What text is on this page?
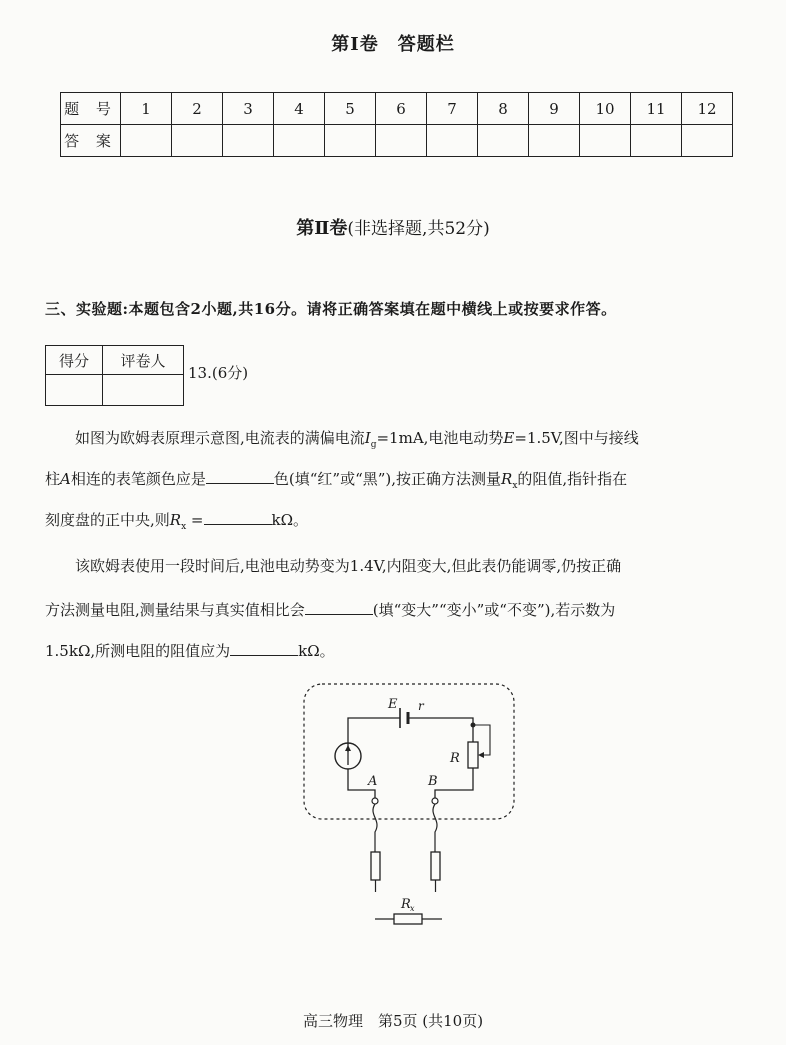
第Ⅰ卷　答题栏
题 号	1	2	3	4	5	6	7	8	9	10	11	12
答 案												
第Ⅱ卷(非选择题,共52分)
三、实验题:本题包含2小题,共16分。请将正确答案填在题中横线上或按要求作答。
得分	评卷人

13.(6分)
如图为欧姆表原理示意图,电流表的满偏电流$I_g=1mA$,电池电动势E=1.5V,图中与接线
柱A相连的表笔颜色应是	色(填“红”或“黑”),按正确方法测量$R_x$的阻值,指针指在
刻度盘的正中央,则$R_x$ =	kΩ。
该欧姆表使用一段时间后,电池电动势变为1.4V,内阻变大,但此表仍能调零,仍按正确
方法测量电阻,测量结果与真实值相比会	(填“变大”“变小”或“不变”),若示数为
1.5kΩ,所测电阻的阻值应为	kΩ。
E r
R
A	B
R x
高三物理　第5页 (共10页)
